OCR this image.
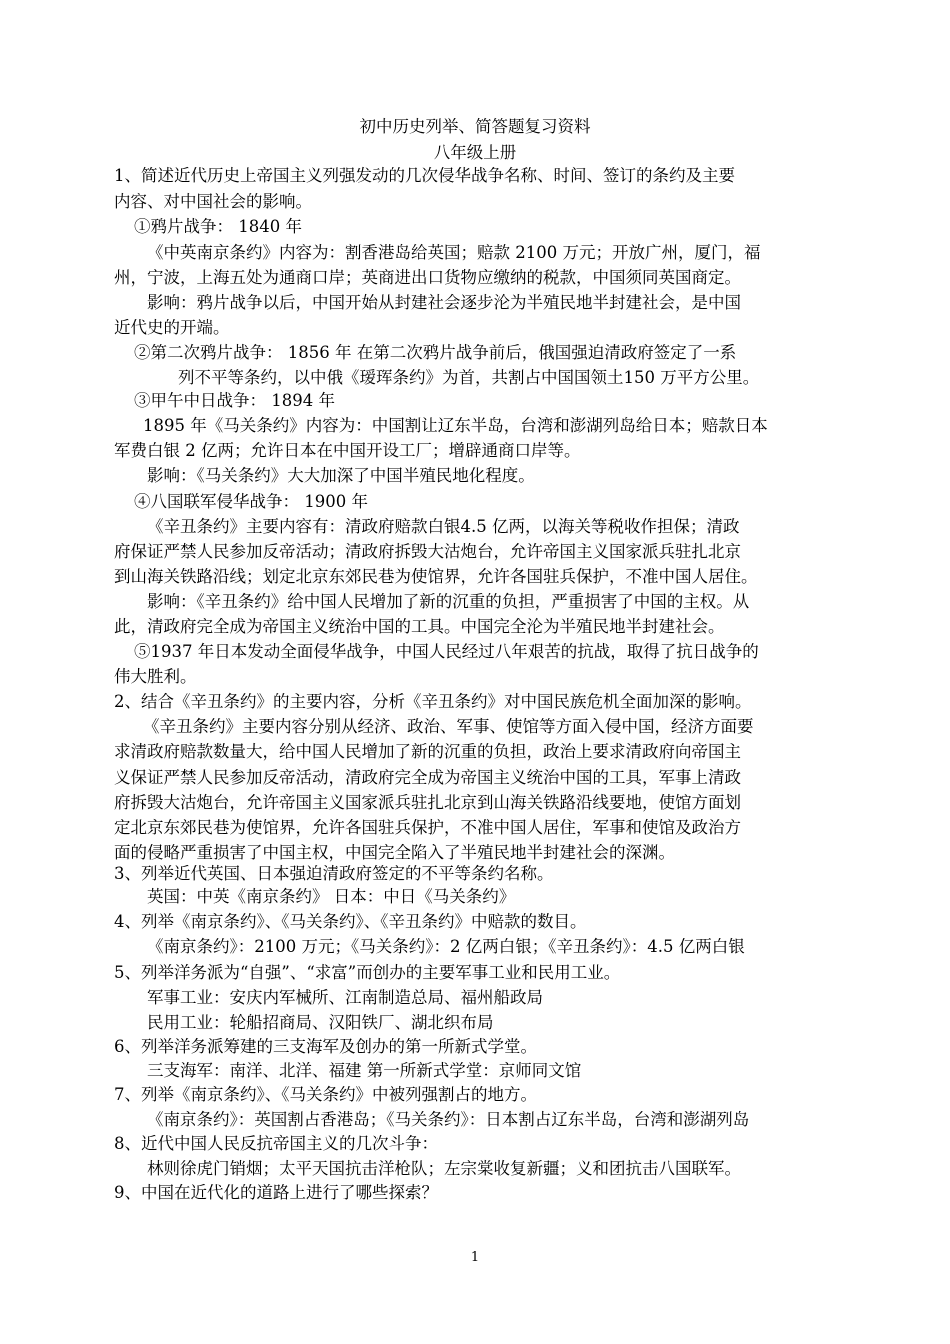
初中历史列举、简答题复习资料
八年级上册
1、简述近代历史上帝国主义列强发动的几次侵华战争名称、时间、签订的条约及主要
内容、对中国社会的影响。
①鸦片战争： 1840 年
《中英南京条约》内容为：割香港岛给英国；赔款 2100 万元；开放广州，厦门，福
州，宁波，上海五处为通商口岸；英商进出口货物应缴纳的税款，中国须同英国商定。
影响：鸦片战争以后，中国开始从封建社会逐步沦为半殖民地半封建社会，是中国
近代史的开端。
②第二次鸦片战争： 1856 年 在第二次鸦片战争前后，俄国强迫清政府签定了一系
列不平等条约，以中俄《瑷珲条约》为首，共割占中国国领土150 万平方公里。
③甲午中日战争： 1894 年
1895 年《马关条约》内容为：中国割让辽东半岛，台湾和澎湖列岛给日本；赔款日本
军费白银 2 亿两；允许日本在中国开设工厂；增辟通商口岸等。
影响：《马关条约》大大加深了中国半殖民地化程度。
④八国联军侵华战争： 1900 年
《辛丑条约》主要内容有：清政府赔款白银4.5 亿两，以海关等税收作担保；清政
府保证严禁人民参加反帝活动；清政府拆毁大沽炮台，允许帝国主义国家派兵驻扎北京
到山海关铁路沿线；划定北京东郊民巷为使馆界，允许各国驻兵保护，不准中国人居住。
影响：《辛丑条约》给中国人民增加了新的沉重的负担，严重损害了中国的主权。从
此，清政府完全成为帝国主义统治中国的工具。中国完全沦为半殖民地半封建社会。
⑤1937 年日本发动全面侵华战争，中国人民经过八年艰苦的抗战，取得了抗日战争的
伟大胜利。
2、结合《辛丑条约》的主要内容，分析《辛丑条约》对中国民族危机全面加深的影响。
《辛丑条约》主要内容分别从经济、政治、军事、使馆等方面入侵中国，经济方面要
求清政府赔款数量大，给中国人民增加了新的沉重的负担，政治上要求清政府向帝国主
义保证严禁人民参加反帝活动，清政府完全成为帝国主义统治中国的工具，军事上清政
府拆毁大沽炮台，允许帝国主义国家派兵驻扎北京到山海关铁路沿线要地，使馆方面划
定北京东郊民巷为使馆界，允许各国驻兵保护，不准中国人居住，军事和使馆及政治方
面的侵略严重损害了中国主权，中国完全陷入了半殖民地半封建社会的深渊。
3、列举近代英国、日本强迫清政府签定的不平等条约名称。
英国：中英《南京条约》 日本：中日《马关条约》
4、列举《南京条约》、《马关条约》、《辛丑条约》中赔款的数目。
《南京条约》：2100 万元；《马关条约》：2 亿两白银；《辛丑条约》：4.5 亿两白银
5、列举洋务派为“自强”、“求富”而创办的主要军事工业和民用工业。
军事工业：安庆内军械所、江南制造总局、福州船政局
民用工业：轮船招商局、汉阳铁厂、湖北织布局
6、列举洋务派筹建的三支海军及创办的第一所新式学堂。
三支海军：南洋、北洋、福建 第一所新式学堂：京师同文馆
7、列举《南京条约》、《马关条约》中被列强割占的地方。
《南京条约》：英国割占香港岛；《马关条约》：日本割占辽东半岛，台湾和澎湖列岛
8、近代中国人民反抗帝国主义的几次斗争：
林则徐虎门销烟；太平天国抗击洋枪队；左宗棠收复新疆；义和团抗击八国联军。
9、中国在近代化的道路上进行了哪些探索？
1
